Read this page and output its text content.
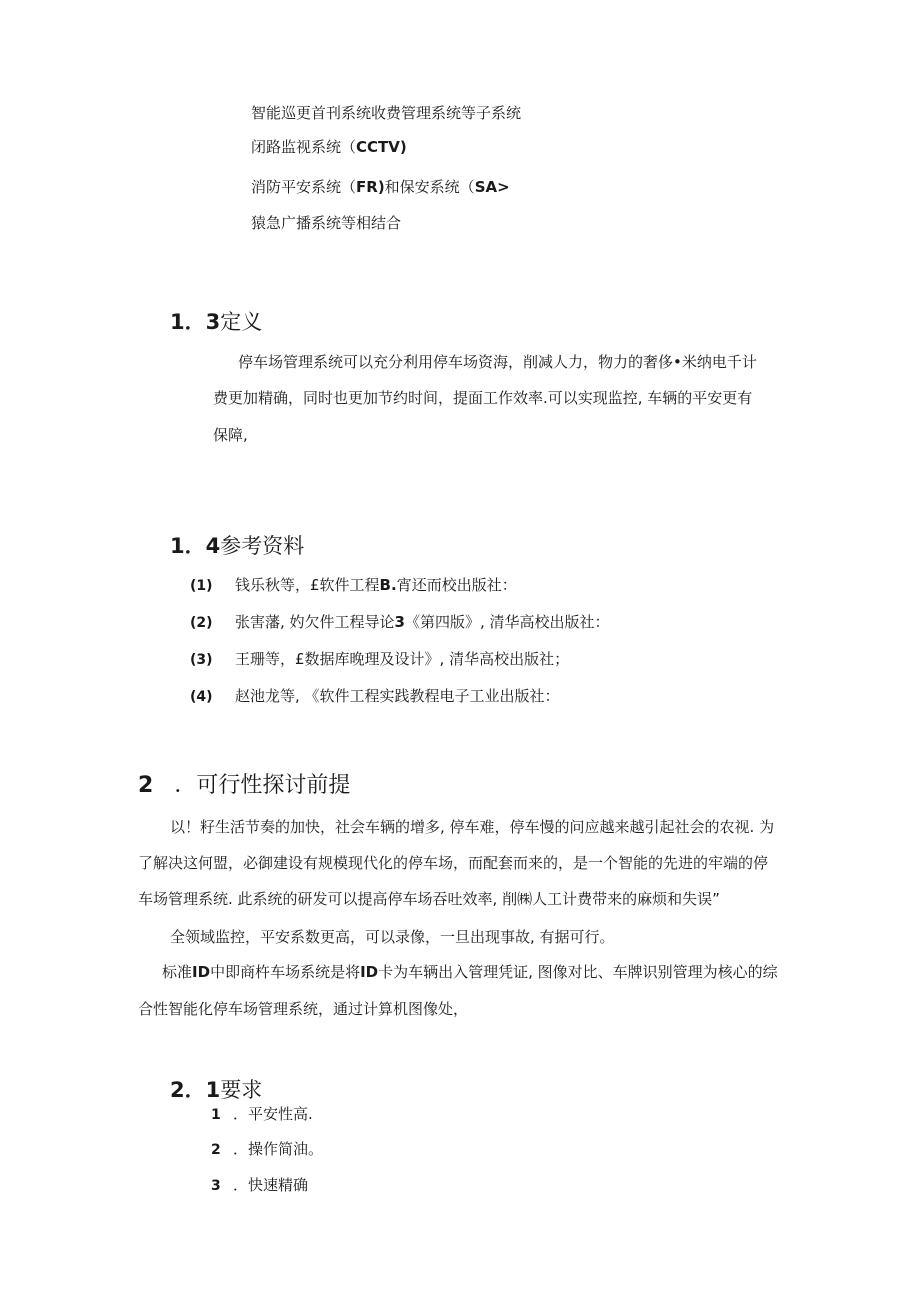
智能巡更首刊系统收费管理系统等子系统
闭路监视系统（CCTV)
消防平安系统（FR)和保安系统（SA>
猿急广播系统等相结合
1．3定义
停车场管理系统可以充分利用停车场资海，削减人力，物力的奢侈•米纳电千计
费更加精确，同时也更加节约时间，提面工作效率.可以实现监控, 车辆的平安更有
保障,
1．4参考资料
(1) 钱乐秋等，£软件工程B.宵还而校出版社：
(2) 张害藩, 妁欠件工程导论3《第四版》, 清华高校出版社：
(3) 王珊等，£数据库晚理及设计》, 清华高校出版社；
(4) 赵池龙等, 《软件工程实践教程电子工业出版社：
2 ．可行性探讨前提
以！籽生活节奏的加快，社会车辆的增多, 停车难，停车慢的问应越来越引起社会的农视. 为
了解决这何盟，必御建设有规模现代化的停车场，而配套而来的，是一个智能的先进的牢端的停
车场管理系统. 此系统的研发可以提高停车场吞吐效率, 削㈱人工计费带来的麻烦和失误”
全领域监控，平安系数更高，可以录像，一旦出现事故, 有据可行。
标准ID中即商杵车场系统是将ID卡为车辆出入管理凭证, 图像对比、车牌识别管理为核心的综
合性智能化停车场管理系统，通过计算机图像处，
2．1要求
1 ．平安性高.
2 ．操作简油。
3 ．快速精确
